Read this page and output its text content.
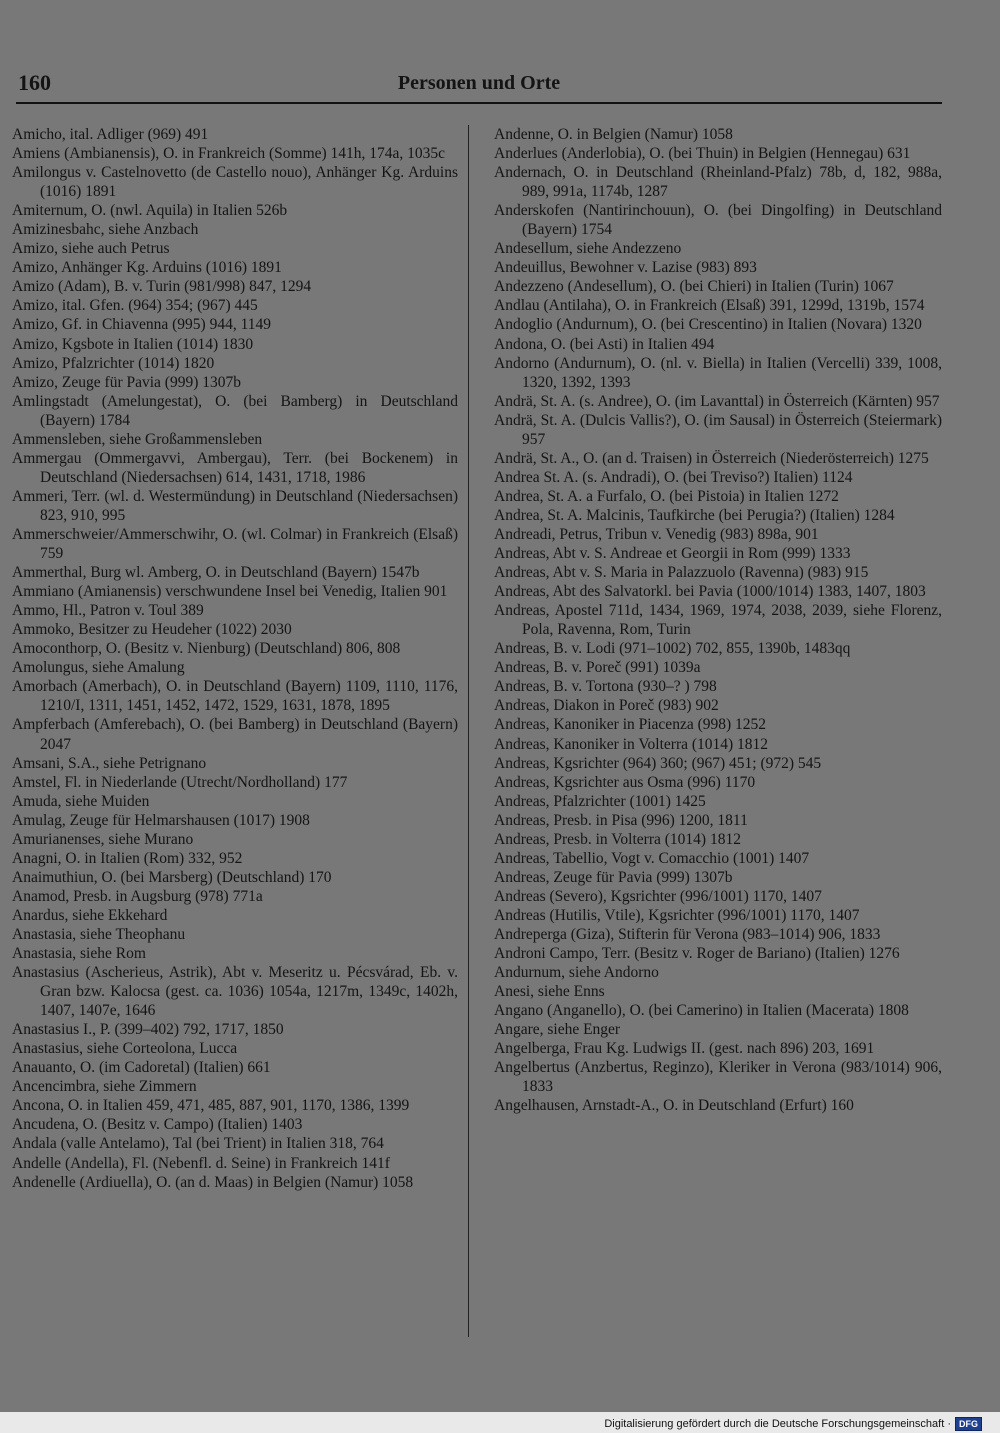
160	Personen und Orte

Amicho, ital. Adliger (969) 491

Amiens (Ambianensis), O. in Frankreich (Somme) 141h, 174a, 1035c

Amilongus v. Castelnovetto (de Castello nouo), Anhänger Kg. Arduins (1016) 1891

Amiternum, O. (nwl. Aquila) in Italien 526b

Amizinesbahc, siehe Anzbach

Amizo, siehe auch Petrus

Amizo, Anhänger Kg. Arduins (1016) 1891

Amizo (Adam), B. v. Turin (981/998) 847, 1294

Amizo, ital. Gfen. (964) 354; (967) 445

Amizo, Gf. in Chiavenna (995) 944, 1149

Amizo, Kgsbote in Italien (1014) 1830

Amizo, Pfalzrichter (1014) 1820

Amizo, Zeuge für Pavia (999) 1307b

Amlingstadt (Amelungestat), O. (bei Bamberg) in Deutschland (Bayern) 1784

Ammensleben, siehe Großammensleben

Ammergau (Ommergavvi, Ambergau), Terr. (bei Bockenem) in Deutschland (Niedersachsen) 614, 1431, 1718, 1986

Ammeri, Terr. (wl. d. Westermündung) in Deutschland (Niedersachsen) 823, 910, 995

Ammerschweier/Ammerschwihr, O. (wl. Colmar) in Frankreich (Elsaß) 759

Ammerthal, Burg wl. Amberg, O. in Deutschland (Bayern) 1547b

Ammiano (Amianensis) verschwundene Insel bei Venedig, Italien 901

Ammo, Hl., Patron v. Toul 389

Ammoko, Besitzer zu Heudeher (1022) 2030

Amoconthorp, O. (Besitz v. Nienburg) (Deutschland) 806, 808

Amolungus, siehe Amalung

Amorbach (Amerbach), O. in Deutschland (Bayern) 1109, 1110, 1176, 1210/I, 1311, 1451, 1452, 1472, 1529, 1631, 1878, 1895

Ampferbach (Amferebach), O. (bei Bamberg) in Deutschland (Bayern) 2047

Amsani, S.A., siehe Petrignano

Amstel, Fl. in Niederlande (Utrecht/Nordholland) 177

Amuda, siehe Muiden

Amulag, Zeuge für Helmarshausen (1017) 1908

Amurianenses, siehe Murano

Anagni, O. in Italien (Rom) 332, 952

Anaimuthiun, O. (bei Marsberg) (Deutschland) 170

Anamod, Presb. in Augsburg (978) 771a

Anardus, siehe Ekkehard

Anastasia, siehe Theophanu

Anastasia, siehe Rom

Anastasius (Ascherieus, Astrik), Abt v. Meseritz u. Pécsvárad, Eb. v. Gran bzw. Kalocsa (gest. ca. 1036) 1054a, 1217m, 1349c, 1402h, 1407, 1407e, 1646

Anastasius I., P. (399–402) 792, 1717, 1850

Anastasius, siehe Corteolona, Lucca

Anauanto, O. (im Cadoretal) (Italien) 661

Ancencimbra, siehe Zimmern

Ancona, O. in Italien 459, 471, 485, 887, 901, 1170, 1386, 1399

Ancudena, O. (Besitz v. Campo) (Italien) 1403

Andala (valle Antelamo), Tal (bei Trient) in Italien 318, 764

Andelle (Andella), Fl. (Nebenfl. d. Seine) in Frankreich 141f

Andenelle (Ardiuella), O. (an d. Maas) in Belgien (Namur) 1058

Andenne, O. in Belgien (Namur) 1058

Anderlues (Anderlobia), O. (bei Thuin) in Belgien (Hennegau) 631

Andernach, O. in Deutschland (Rheinland-Pfalz) 78b, d, 182, 988a, 989, 991a, 1174b, 1287

Anderskofen (Nantirinchouun), O. (bei Dingolfing) in Deutschland (Bayern) 1754

Andesellum, siehe Andezzeno

Andeuillus, Bewohner v. Lazise (983) 893

Andezzeno (Andesellum), O. (bei Chieri) in Italien (Turin) 1067

Andlau (Antilaha), O. in Frankreich (Elsaß) 391, 1299d, 1319b, 1574

Andoglio (Andurnum), O. (bei Crescentino) in Italien (Novara) 1320

Andona, O. (bei Asti) in Italien 494

Andorno (Andurnum), O. (nl. v. Biella) in Italien (Vercelli) 339, 1008, 1320, 1392, 1393

Andrä, St. A. (s. Andree), O. (im Lavanttal) in Österreich (Kärnten) 957

Andrä, St. A. (Dulcis Vallis?), O. (im Sausal) in Österreich (Steiermark) 957

Andrä, St. A., O. (an d. Traisen) in Österreich (Niederösterreich) 1275

Andrea St. A. (s. Andradi), O. (bei Treviso?) Italien) 1124

Andrea, St. A. a Furfalo, O. (bei Pistoia) in Italien 1272

Andrea, St. A. Malcinis, Taufkirche (bei Perugia?) (Italien) 1284

Andreadi, Petrus, Tribun v. Venedig (983) 898a, 901

Andreas, Abt v. S. Andreae et Georgii in Rom (999) 1333

Andreas, Abt v. S. Maria in Palazzuolo (Ravenna) (983) 915

Andreas, Abt des Salvatorkl. bei Pavia (1000/1014) 1383, 1407, 1803

Andreas, Apostel 711d, 1434, 1969, 1974, 2038, 2039, siehe Florenz, Pola, Ravenna, Rom, Turin

Andreas, B. v. Lodi (971–1002) 702, 855, 1390b, 1483qq

Andreas, B. v. Poreč (991) 1039a

Andreas, B. v. Tortona (930–? ) 798

Andreas, Diakon in Poreč (983) 902

Andreas, Kanoniker in Piacenza (998) 1252

Andreas, Kanoniker in Volterra (1014) 1812

Andreas, Kgsrichter (964) 360; (967) 451; (972) 545

Andreas, Kgsrichter aus Osma (996) 1170

Andreas, Pfalzrichter (1001) 1425

Andreas, Presb. in Pisa (996) 1200, 1811

Andreas, Presb. in Volterra (1014) 1812

Andreas, Tabellio, Vogt v. Comacchio (1001) 1407

Andreas, Zeuge für Pavia (999) 1307b

Andreas (Severo), Kgsrichter (996/1001) 1170, 1407

Andreas (Hutilis, Vtile), Kgsrichter (996/1001) 1170, 1407

Andreperga (Giza), Stifterin für Verona (983–1014) 906, 1833

Androni Campo, Terr. (Besitz v. Roger de Bariano) (Italien) 1276

Andurnum, siehe Andorno

Anesi, siehe Enns

Angano (Anganello), O. (bei Camerino) in Italien (Macerata) 1808

Angare, siehe Enger

Angelberga, Frau Kg. Ludwigs II. (gest. nach 896) 203, 1691

Angelbertus (Anzbertus, Reginzo), Kleriker in Verona (983/1014) 906, 1833

Angelhausen, Arnstadt-A., O. in Deutschland (Erfurt) 160

Digitalisierung gefördert durch die Deutsche Forschungsgemeinschaft · DFG
